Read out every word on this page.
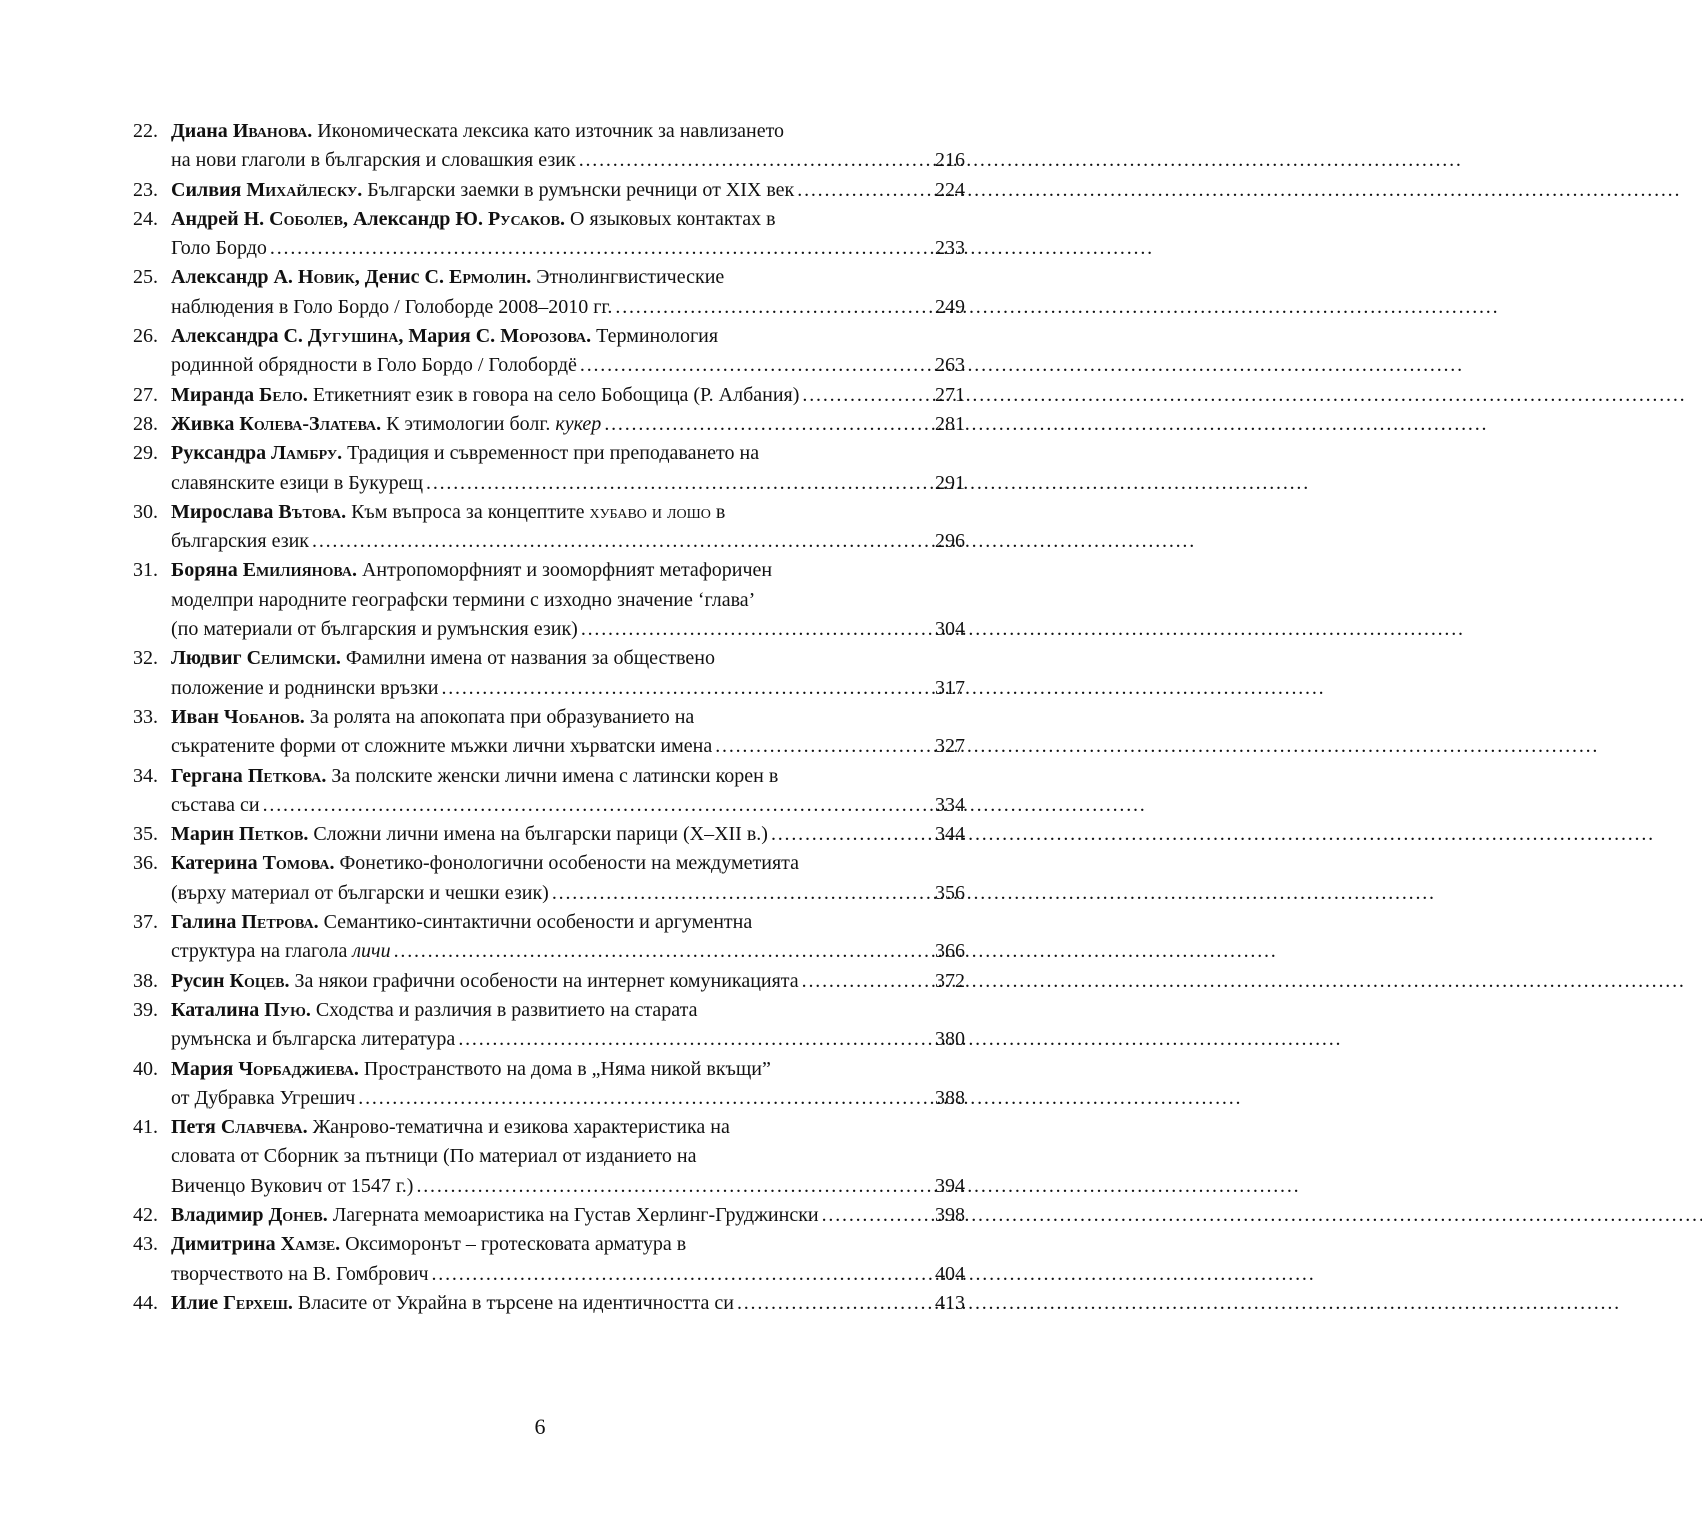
22. Диана Иванова. Икономическата лексика като източник за навлизането
на нови глаголи в българския и словашкия език . . .	216
23. Силвия Михайлеску. Български заемки в румънски речници от XIX век . . .	224
24. Андрей Н. Соболев, Александр Ю. Русаков. О языковых контактах в
Голо Бордо . . .	233
25. Александр А. Новик, Денис С. Ермолин. Этнолингвистические
наблюдения в Голо Бордо / Голоборде 2008–2010 гг. . . .	249
26. Александра С. Дугушина, Мария С. Морозова. Терминология
родинной обрядности в Голо Бордо / Голобордё . . .	263
27. Миранда Бело. Етикетният език в говора на село Бобощица (Р. Албания) . . .	271
28. Живка Колева-Златева. К этимологии болг. кукер . . .	281
29. Руксандра Ламбру. Традиция и съвременност при преподаването на
славянските езици в Букурещ . . .	291
30. Мирослава Вътова. Към въпроса за концептите хубаво и лошо в
българския език . . .	296
31. Боряна Емилиянова. Антропоморфният и зооморфният метафоричен
моделпри народните географски термини с изходно значение ‘глава’
(по материали от българския и румънския език) . . .	304
32. Людвиг Селимски. Фамилни имена от названия за обществено
положение и роднински връзки . . .	317
33. Иван Чобанов. За ролята на апокопата при образуванието на
съкратените форми от сложните мъжки лични хърватски имена . . .	327
34. Гергана Петкова. За полските женски лични имена с латински корен в
състава си . . .	334
35. Марин Петков. Сложни лични имена на български парици (X–XII в.) . . .	344
36. Катерина Томова. Фонетико-фонологични особености на междуметията
(върху материал от български и чешки език) . . .	356
37. Галина Петрова. Семантико-синтактични особености и аргументна
структура на глагола личи . . .	366
38. Русин Коцев. За някои графични особености на интернет комуникацията . . .	372
39. Каталина Пую. Сходства и различия в развитието на старата
румънска и българска литература . . .	380
40. Мария Чорбаджиева. Пространството на дома в „Няма никой вкъщи”
от Дубравка Угрешич . . .	388
41. Петя Славчева. Жанрово-тематична и езикова характеристика на
словата от Сборник за пътници (По материал от изданието на
Виченцо Вукович от 1547 г.) . . .	394
42. Владимир Донев. Лагерната мемоаристика на Густав Херлинг-Груджински . . .	398
43. Димитрина Хамзе. Оксиморонът – гротесковата арматура в
творчеството на В. Гомбрович . . .	404
44. Илие Герхеш. Власите от Украйна в търсене на идентичността си . . .	413
6
